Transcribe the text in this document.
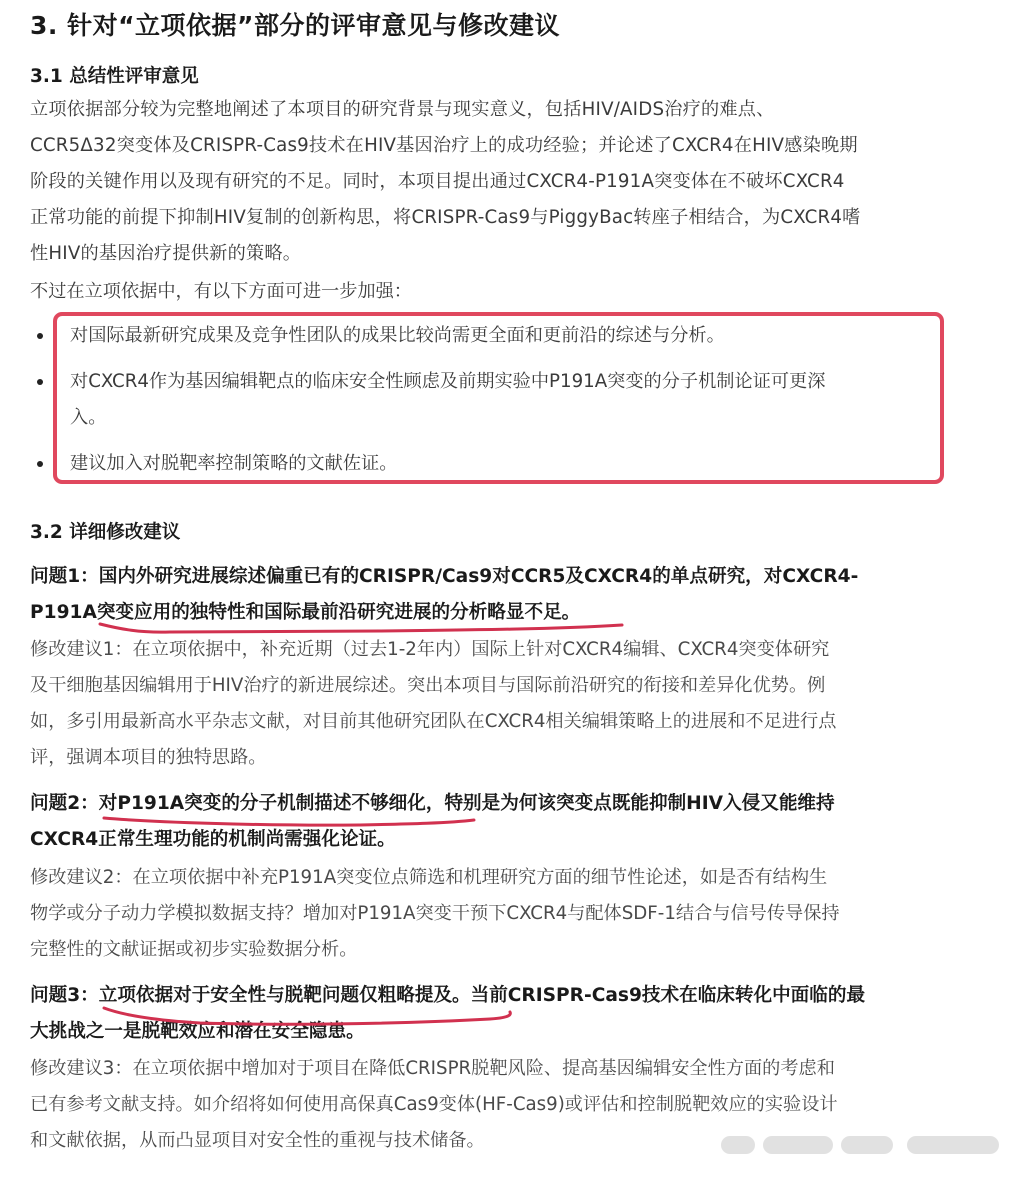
3. 针对“立项依据”部分的评审意见与修改建议
3.1 总结性评审意见

立项依据部分较为完整地阐述了本项目的研究背景与现实意义，包括HIV/AIDS治疗的难点、

CCR5Δ32突变体及CRISPR-Cas9技术在HIV基因治疗上的成功经验；并论述了CXCR4在HIV感染晚期

阶段的关键作用以及现有研究的不足。同时，本项目提出通过CXCR4-P191A突变体在不破坏CXCR4

正常功能的前提下抑制HIV复制的创新构思，将CRISPR-Cas9与PiggyBac转座子相结合，为CXCR4嗜

性HIV的基因治疗提供新的策略。

不过在立项依据中，有以下方面可进一步加强：

对国际最新研究成果及竞争性团队的成果比较尚需更全面和更前沿的综述与分析。
对CXCR4作为基因编辑靶点的临床安全性顾虑及前期实验中P191A突变的分子机制论证可更深
入。
建议加入对脱靶率控制策略的文献佐证。
3.2 详细修改建议

问题1：国内外研究进展综述偏重已有的CRISPR/Cas9对CCR5及CXCR4的单点研究，对CXCR4-

P191A突变应用的独特性和国际最前沿研究进展的分析略显不足。

修改建议1：在立项依据中，补充近期（过去1-2年内）国际上针对CXCR4编辑、CXCR4突变体研究

及干细胞基因编辑用于HIV治疗的新进展综述。突出本项目与国际前沿研究的衔接和差异化优势。例

如，多引用最新高水平杂志文献，对目前其他研究团队在CXCR4相关编辑策略上的进展和不足进行点

评，强调本项目的独特思路。

问题2：对P191A突变的分子机制描述不够细化，特别是为何该突变点既能抑制HIV入侵又能维持

CXCR4正常生理功能的机制尚需强化论证。

修改建议2：在立项依据中补充P191A突变位点筛选和机理研究方面的细节性论述，如是否有结构生

物学或分子动力学模拟数据支持？增加对P191A突变干预下CXCR4与配体SDF-1结合与信号传导保持

完整性的文献证据或初步实验数据分析。

问题3：立项依据对于安全性与脱靶问题仅粗略提及。当前CRISPR-Cas9技术在临床转化中面临的最

大挑战之一是脱靶效应和潜在安全隐患。

修改建议3：在立项依据中增加对于项目在降低CRISPR脱靶风险、提高基因编辑安全性方面的考虑和

已有参考文献支持。如介绍将如何使用高保真Cas9变体(HF-Cas9)或评估和控制脱靶效应的实验设计

和文献依据，从而凸显项目对安全性的重视与技术储备。
